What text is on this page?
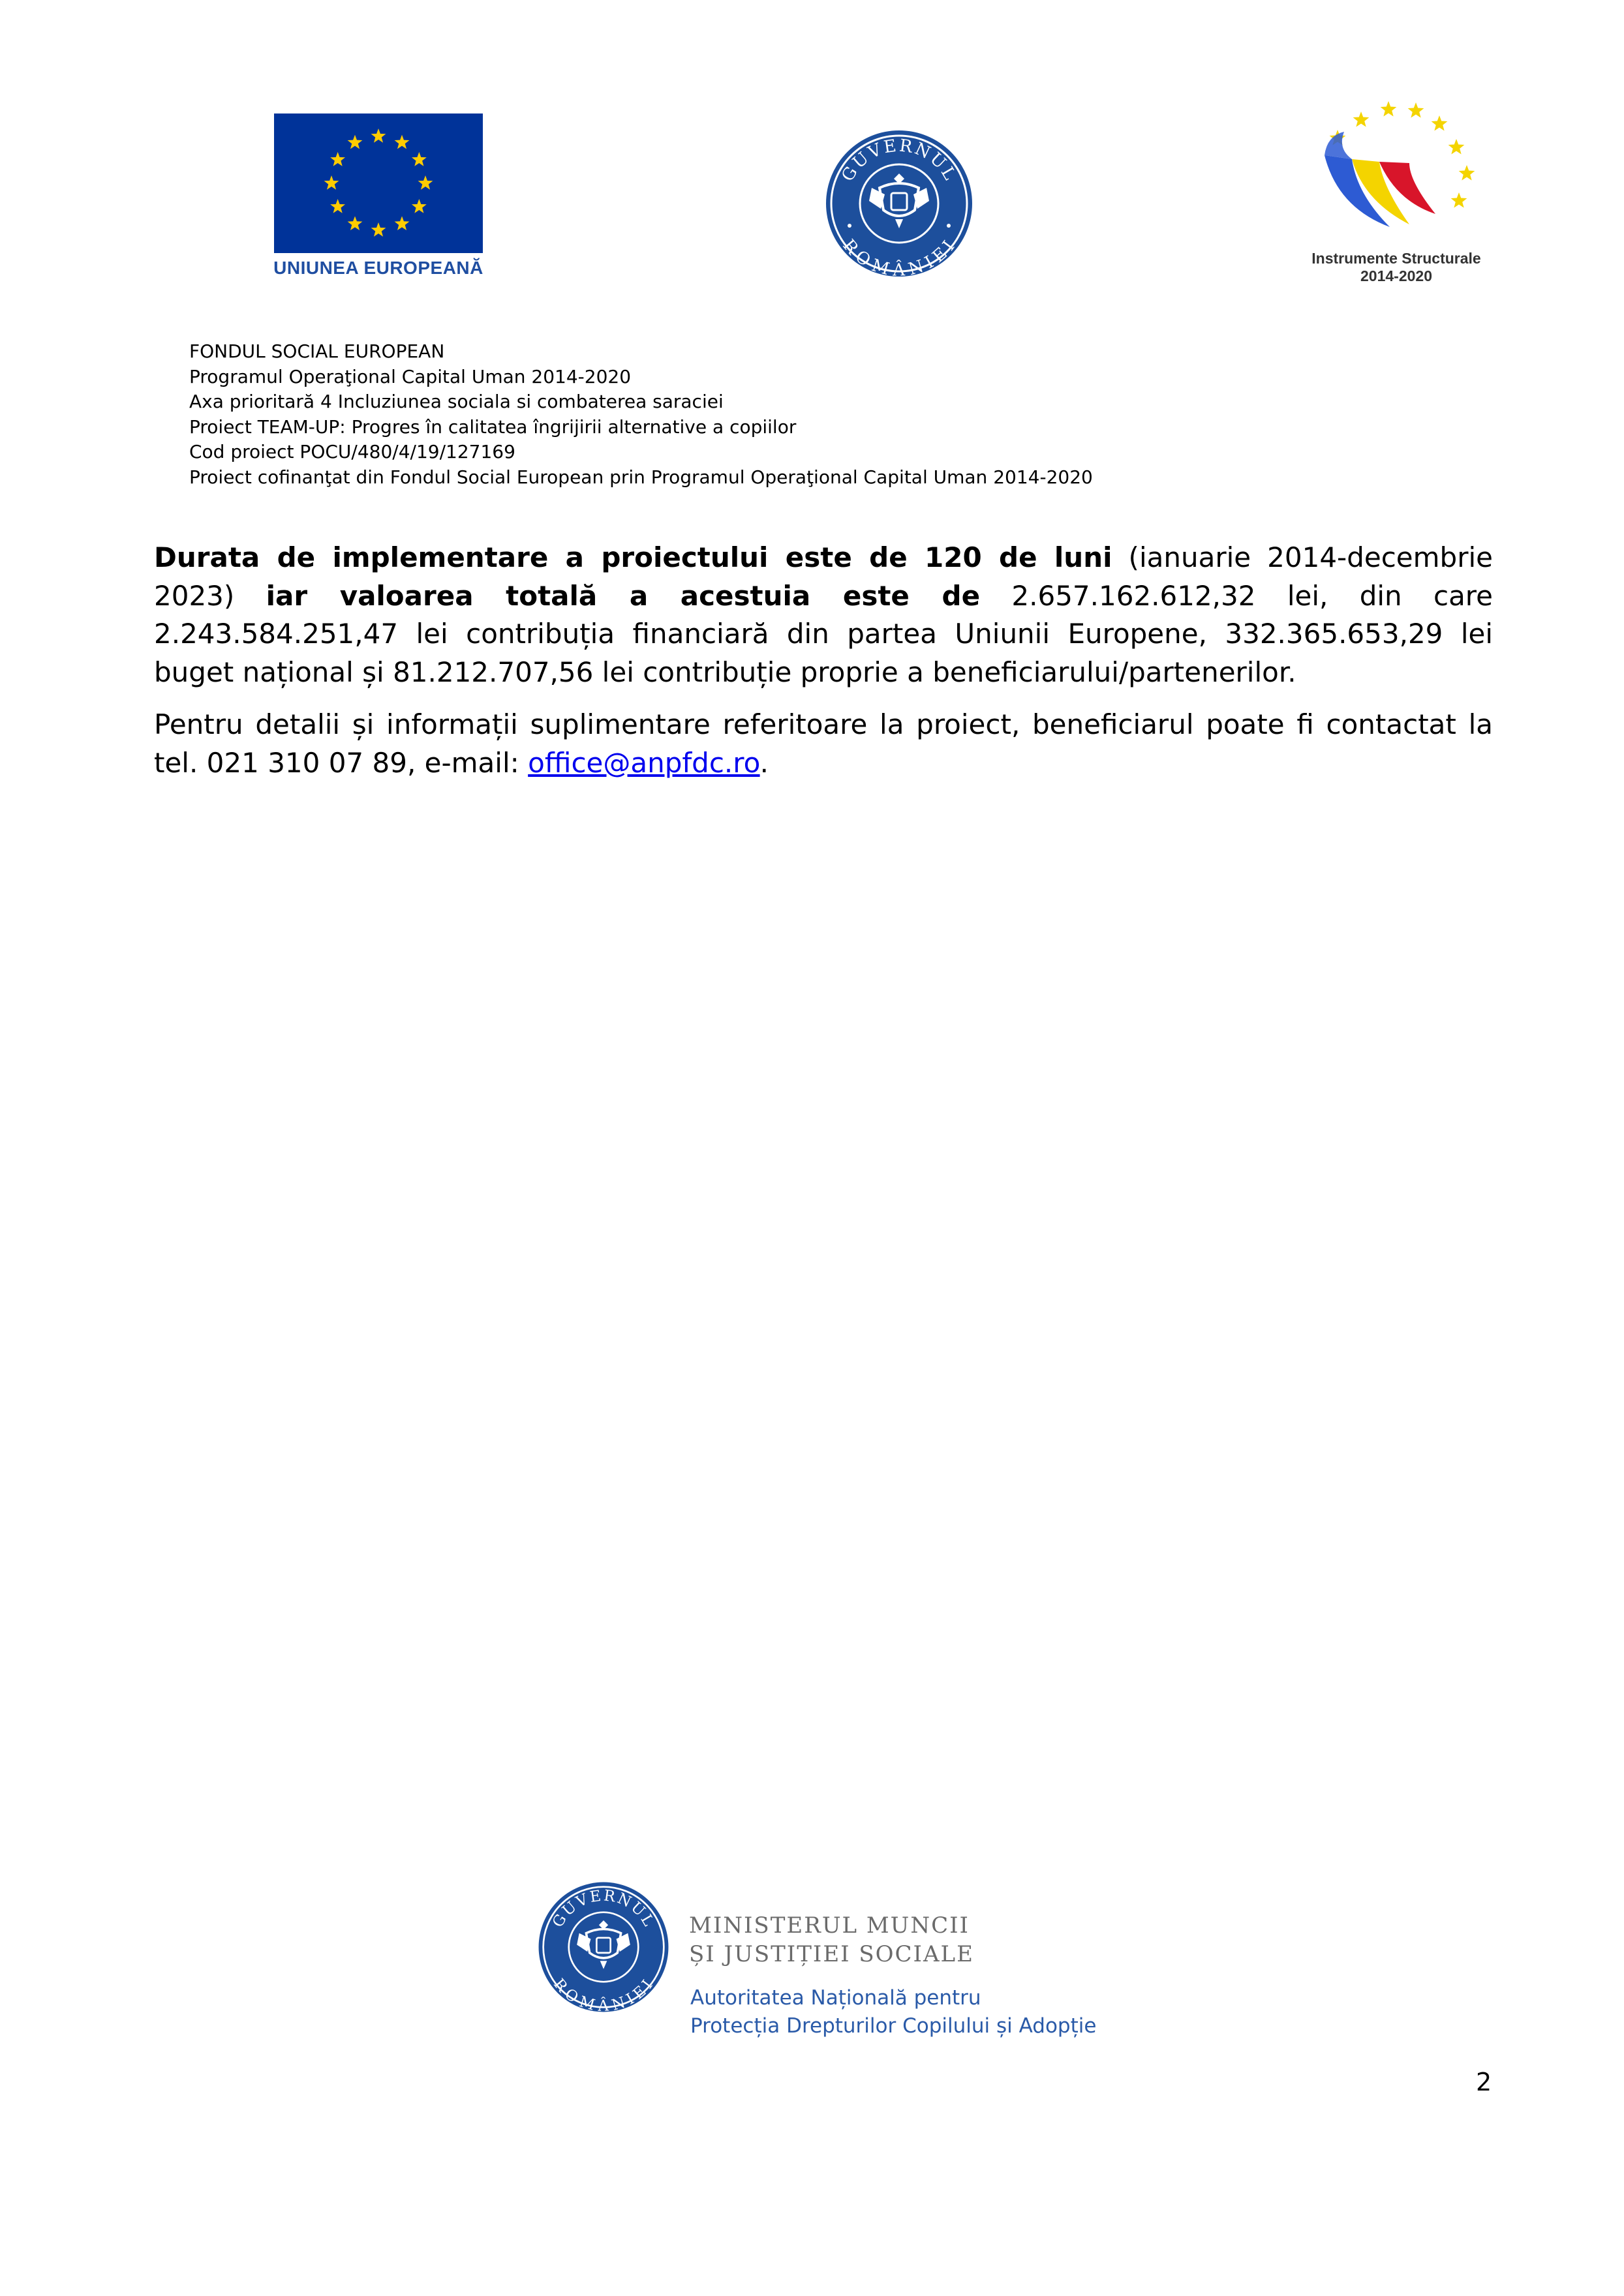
UNIUNEA EUROPEANĂ
GUVERNUL
ROMÂNIEI
Instrumente Structurale
2014-2020
FONDUL SOCIAL EUROPEAN
Programul Operaţional Capital Uman 2014-2020
Axa prioritară 4 Incluziunea sociala si combaterea saraciei
Proiect TEAM-UP: Progres în calitatea îngrijirii alternative a copiilor
Cod proiect POCU/480/4/19/127169
Proiect cofinanţat din Fondul Social European prin Programul Operaţional Capital Uman 2014-2020

Durata de implementare a proiectului este de 120 de luni (ianuarie 2014-decembrie 2023) iar valoarea totală a acestuia este de 2.657.162.612,32 lei, din care 2.243.584.251,47 lei contribuția financiară din partea Uniunii Europene, 332.365.653,29 lei buget național și 81.212.707,56 lei contribuție proprie a beneficiarului/partenerilor.

Pentru detalii și informații suplimentare referitoare la proiect, beneficiarul poate fi contactat la tel. 021 310 07 89, e-mail: office@anpfdc.ro.

GUVERNUL
ROMÂNIEI
MINISTERUL MUNCII
ȘI JUSTIȚIEI SOCIALE
Autoritatea Națională pentru
Protecția Drepturilor Copilului și Adopție
2
